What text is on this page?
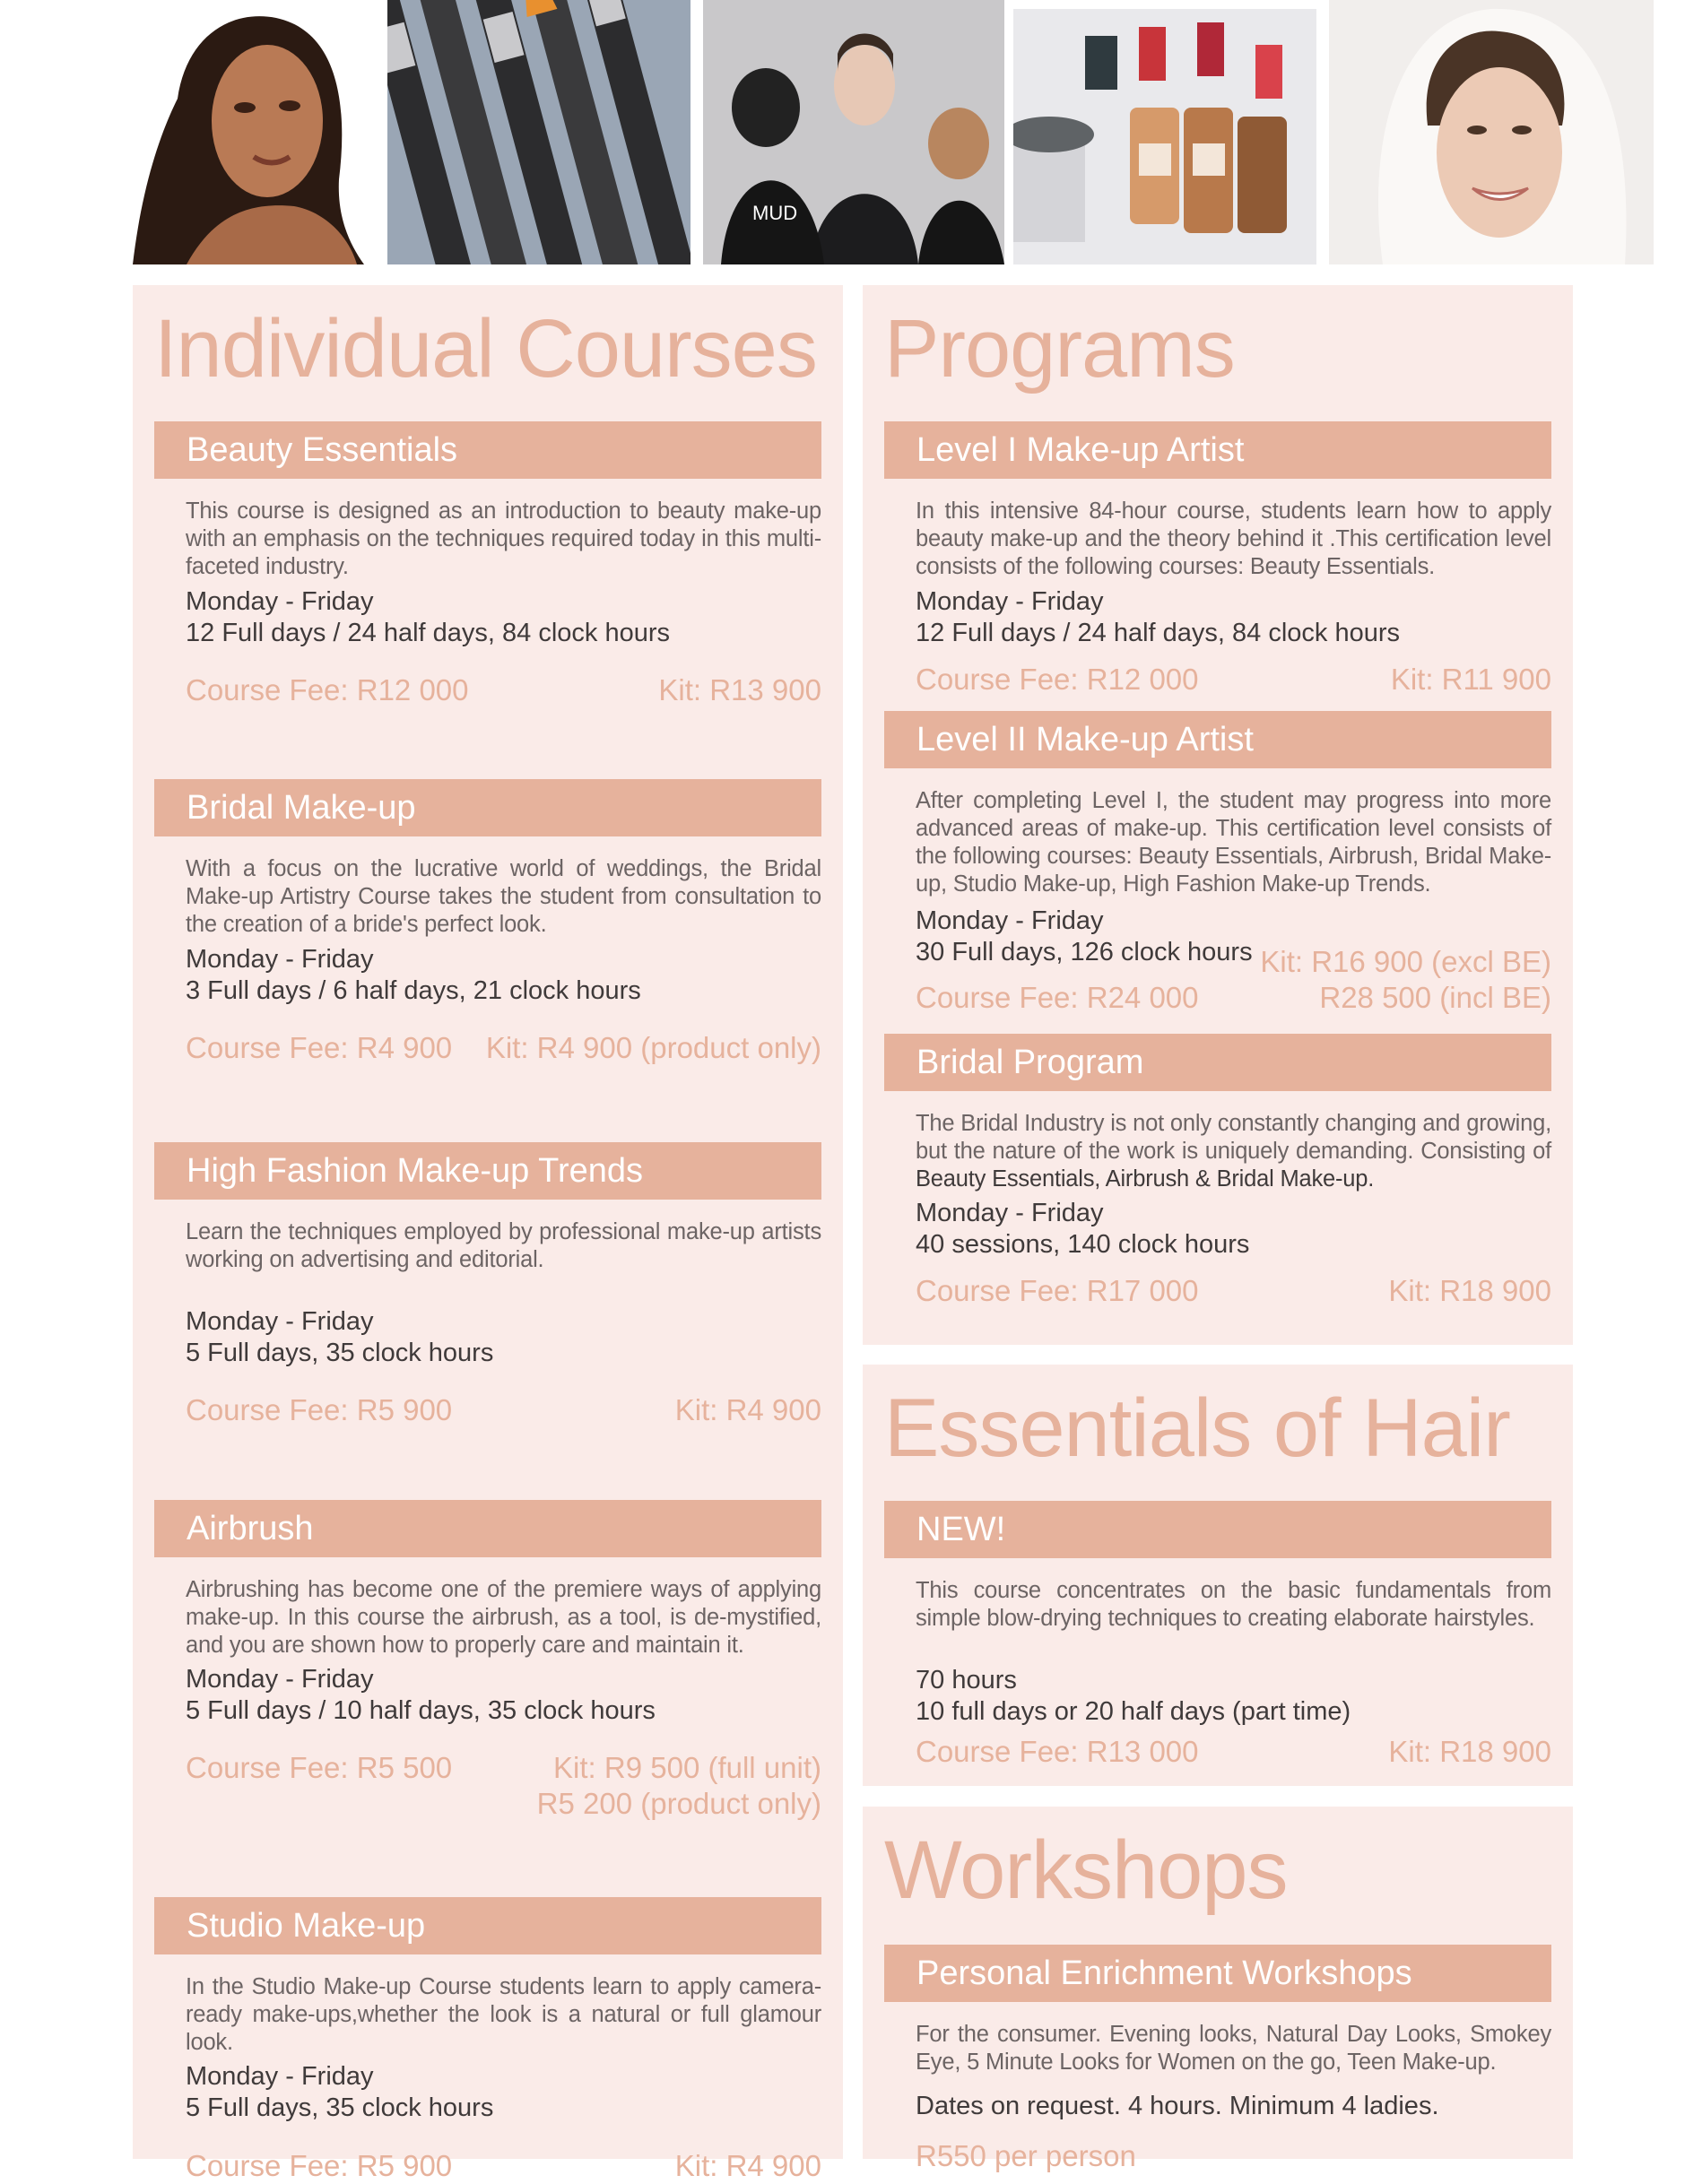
MUD
Individual Courses
Beauty Essentials
This course is designed as an introduction to beauty make-up with an emphasis on the techniques required today in this multi-faceted industry.
Monday - Friday
12 Full days / 24 half days, 84 clock hours
Course Fee: R12 000	Kit: R13 900
Bridal Make-up
With a focus on the lucrative world of weddings, the Bridal Make-up Artistry Course takes the student from consultation to the creation of a bride's perfect look.
Monday - Friday
3 Full days / 6 half days, 21 clock hours
Course Fee: R4 900 Kit: R4 900 (product only)
High Fashion Make-up Trends
Learn the techniques employed by professional make-up artists working on advertising and editorial.
Monday - Friday
5 Full days, 35 clock hours
Course Fee: R5 900	Kit: R4 900
Airbrush
Airbrushing has become one of the premiere ways of applying make-up. In this course the airbrush, as a tool, is de-mystified, and you are shown how to properly care and maintain it.
Monday - Friday
5 Full days / 10 half days, 35 clock hours
Course Fee: R5 500	Kit: R9 500 (full unit)
R5 200 (product only)
Studio Make-up
In the Studio Make-up Course students learn to apply camera-ready make-ups,whether the look is a natural or full glamour look.
Monday - Friday
5 Full days, 35 clock hours
Course Fee: R5 900	Kit: R4 900
Programs
Level I Make-up Artist
In this intensive 84-hour course, students learn how to apply beauty make-up and the theory behind it .This certification level consists of the following courses: Beauty Essentials.
Monday - Friday
12 Full days / 24 half days, 84 clock hours
Course Fee: R12 000	Kit: R11 900
Level II Make-up Artist
After completing Level I, the student may progress into more advanced areas of make-up. This certification level consists of the following courses: Beauty Essentials, Airbrush, Bridal Make-up, Studio Make-up, High Fashion Make-up Trends.
Monday - Friday
30 Full days, 126 clock hours Kit: R16 900 (excl BE)
Course Fee: R24 000	R28 500 (incl BE)
Bridal Program
The Bridal Industry is not only constantly changing and growing, but the nature of the work is uniquely demanding. Consisting of Beauty Essentials, Airbrush & Bridal Make-up.
Monday - Friday
40 sessions, 140 clock hours
Course Fee: R17 000	Kit: R18 900
Essentials of Hair
NEW!
This course concentrates on the basic fundamentals from simple blow-drying techniques to creating elaborate hairstyles.
70 hours
10 full days or 20 half days (part time)
Course Fee: R13 000	Kit: R18 900
Workshops
Personal Enrichment Workshops
For the consumer. Evening looks, Natural Day Looks, Smokey Eye, 5 Minute Looks for Women on the go, Teen Make-up.
Dates on request. 4 hours. Minimum 4 ladies.
R550 per person
